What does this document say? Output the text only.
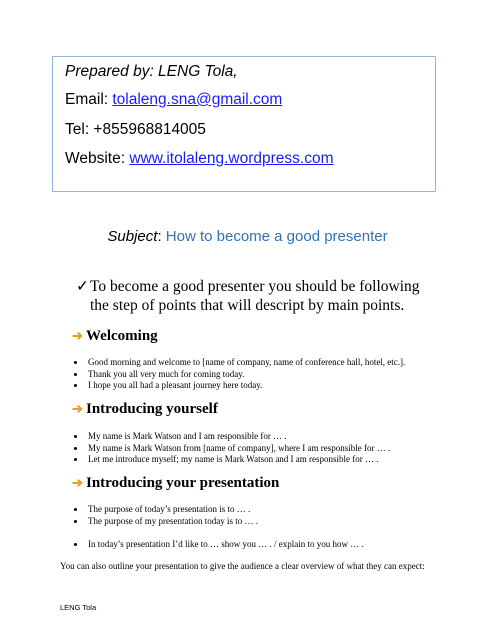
Prepared by: LENG Tola,
Email: tolaleng.sna@gmail.com
Tel: +855968814005
Website: www.itolaleng.wordpress.com
Subject: How to become a good presenter
✓ To become a good presenter you should be following the step of points that will descript by main points.
➔ Welcoming
• Good morning and welcome to [name of company, name of conference hall, hotel, etc.].
• Thank you all very much for coming today.
• I hope you all had a pleasant journey here today.
➔ Introducing yourself
• My name is Mark Watson and I am responsible for … .
• My name is Mark Watson from [name of company], where I am responsible for … .
• Let me introduce myself; my name is Mark Watson and I am responsible for … .
➔ Introducing your presentation
• The purpose of today’s presentation is to … .
• The purpose of my presentation today is to … .
• In today’s presentation I’d like to … show you … . / explain to you how … .
You can also outline your presentation to give the audience a clear overview of what they can expect:
LENG Tola
